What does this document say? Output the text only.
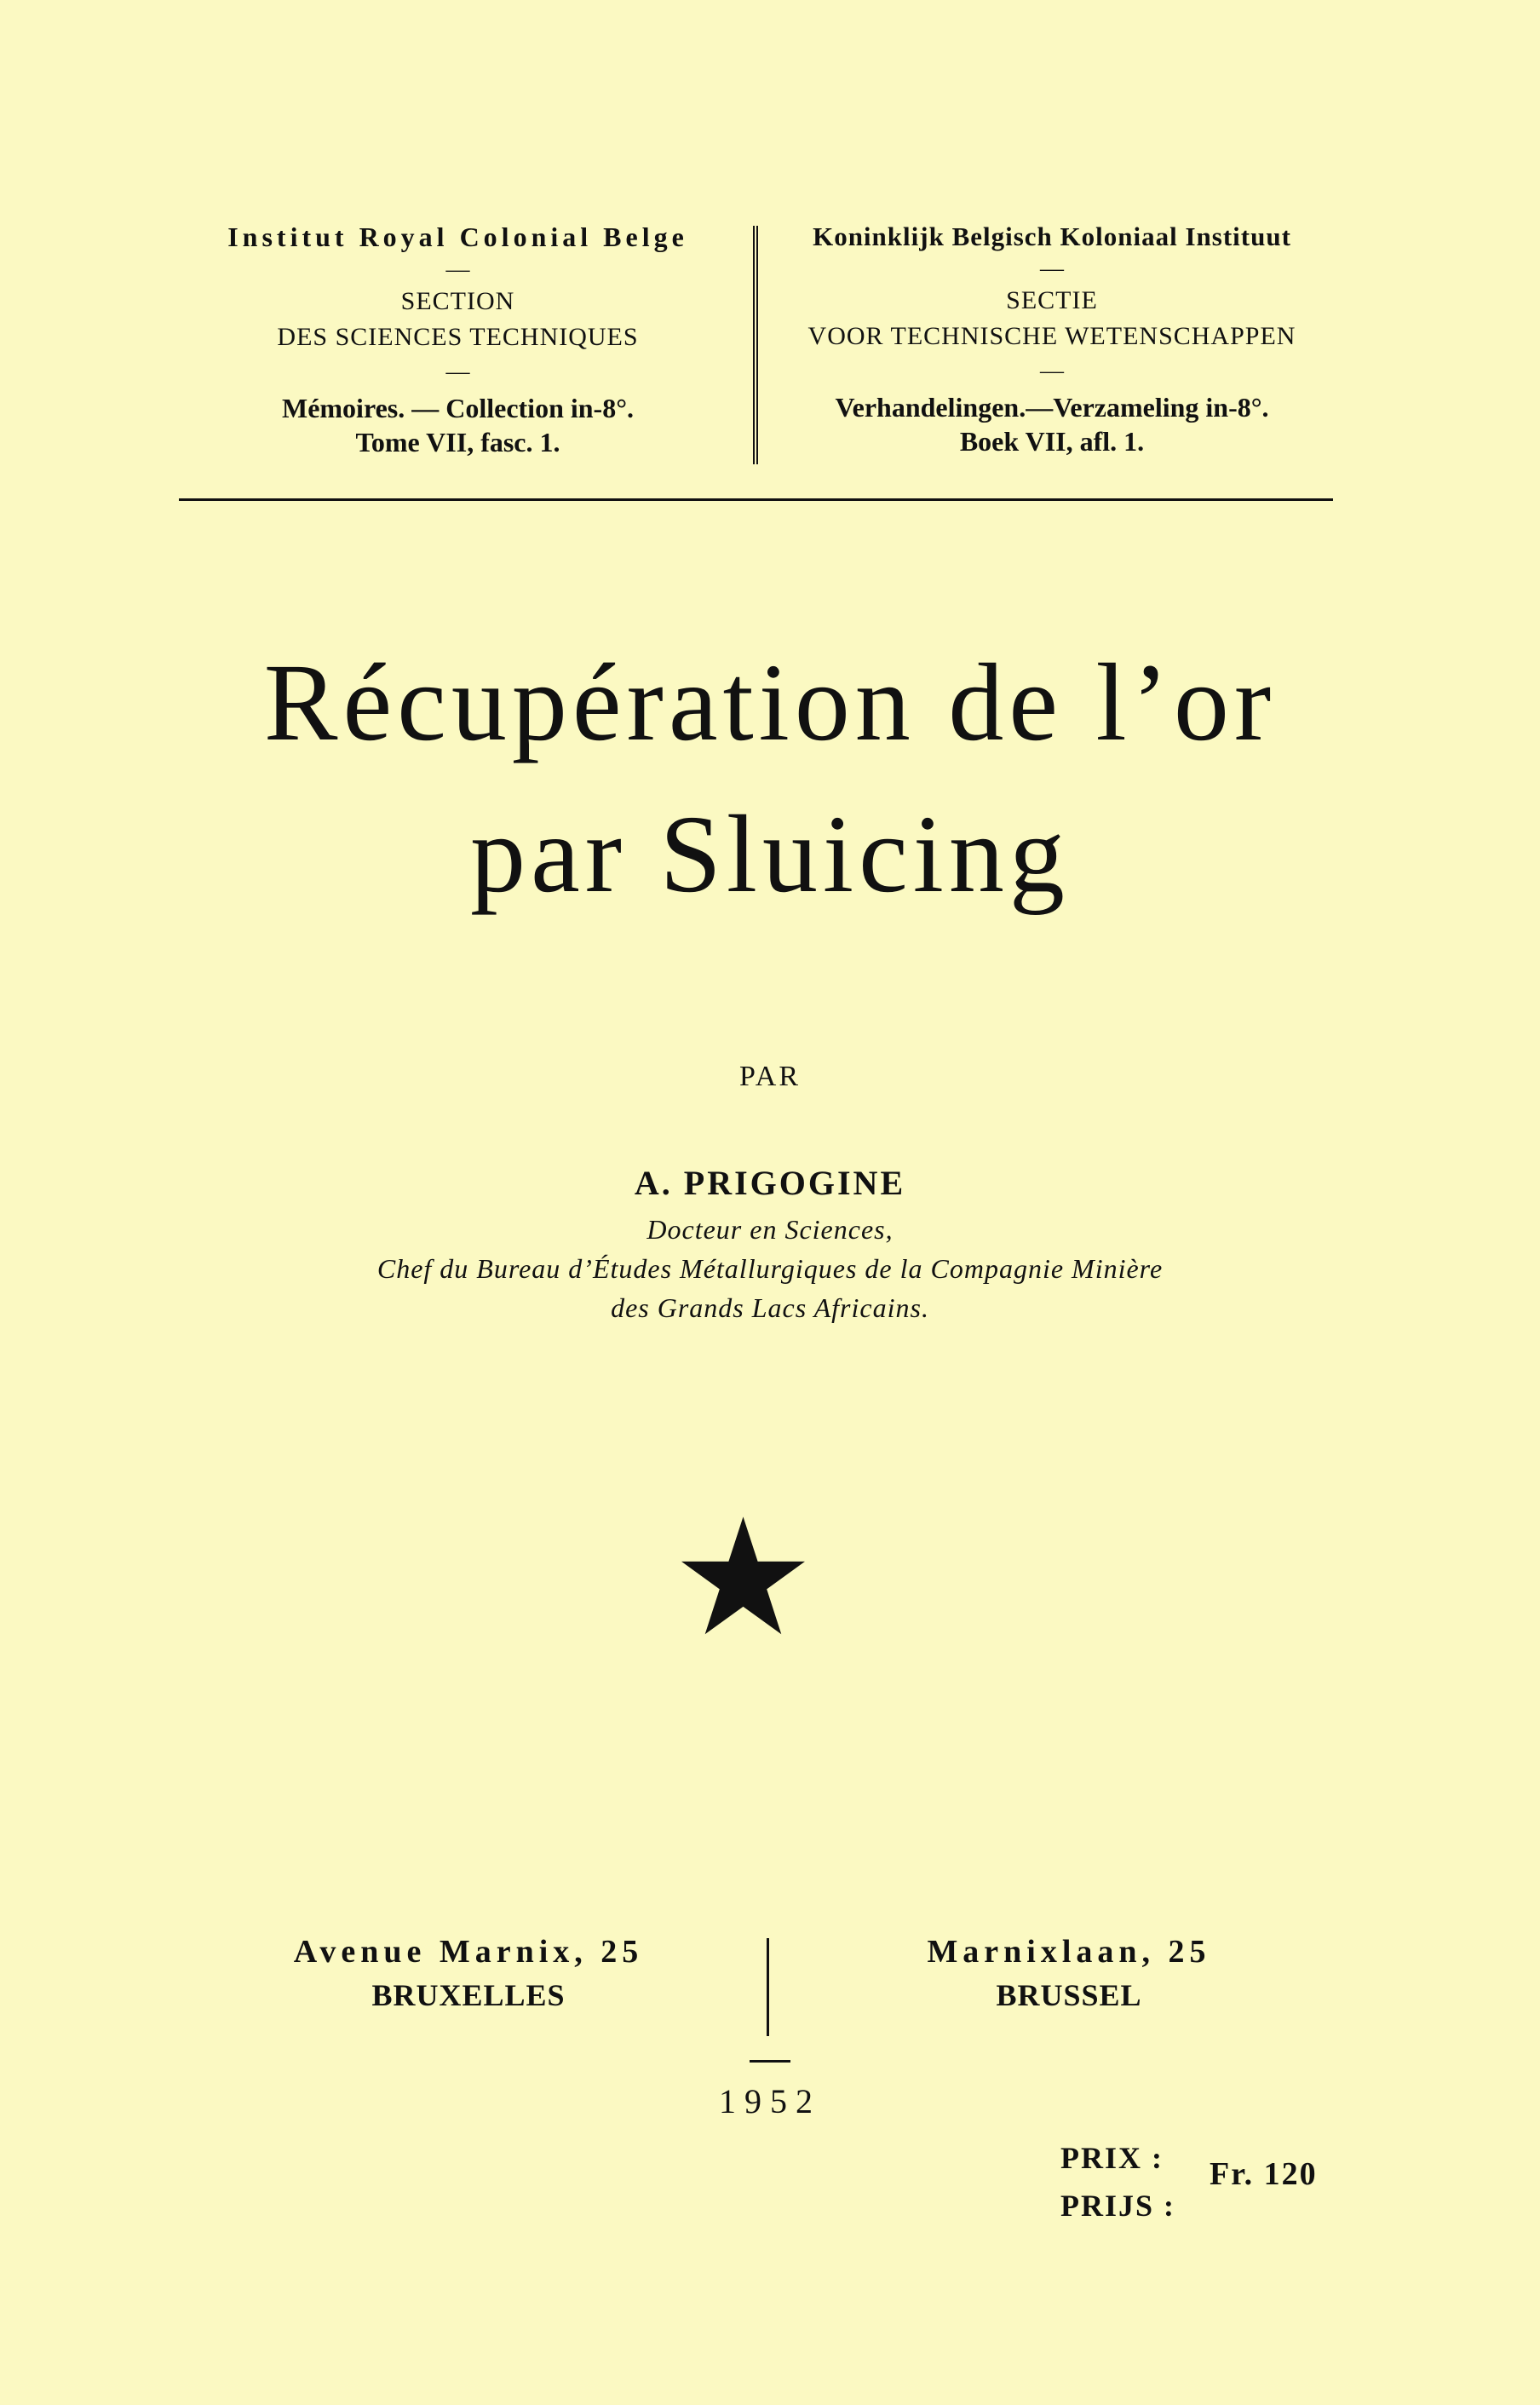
Institut Royal Colonial Belge
—
SECTION
DES SCIENCES TECHNIQUES
—
Mémoires. — Collection in-8°.
Tome VII, fasc. 1.
Koninklijk Belgisch Koloniaal Instituut
—
SECTIE
VOOR TECHNISCHE WETENSCHAPPEN
—
Verhandelingen.—Verzameling in-8°.
Boek VII, afl. 1.
Récupération de l’or
par Sluicing
PAR
A. PRIGOGINE
Docteur en Sciences,
Chef du Bureau d’Études Métallurgiques de la Compagnie Minière
des Grands Lacs Africains.
Avenue Marnix, 25
BRUXELLES
Marnixlaan, 25
BRUSSEL
1952
PRIX :
PRIJS :
Fr. 120
